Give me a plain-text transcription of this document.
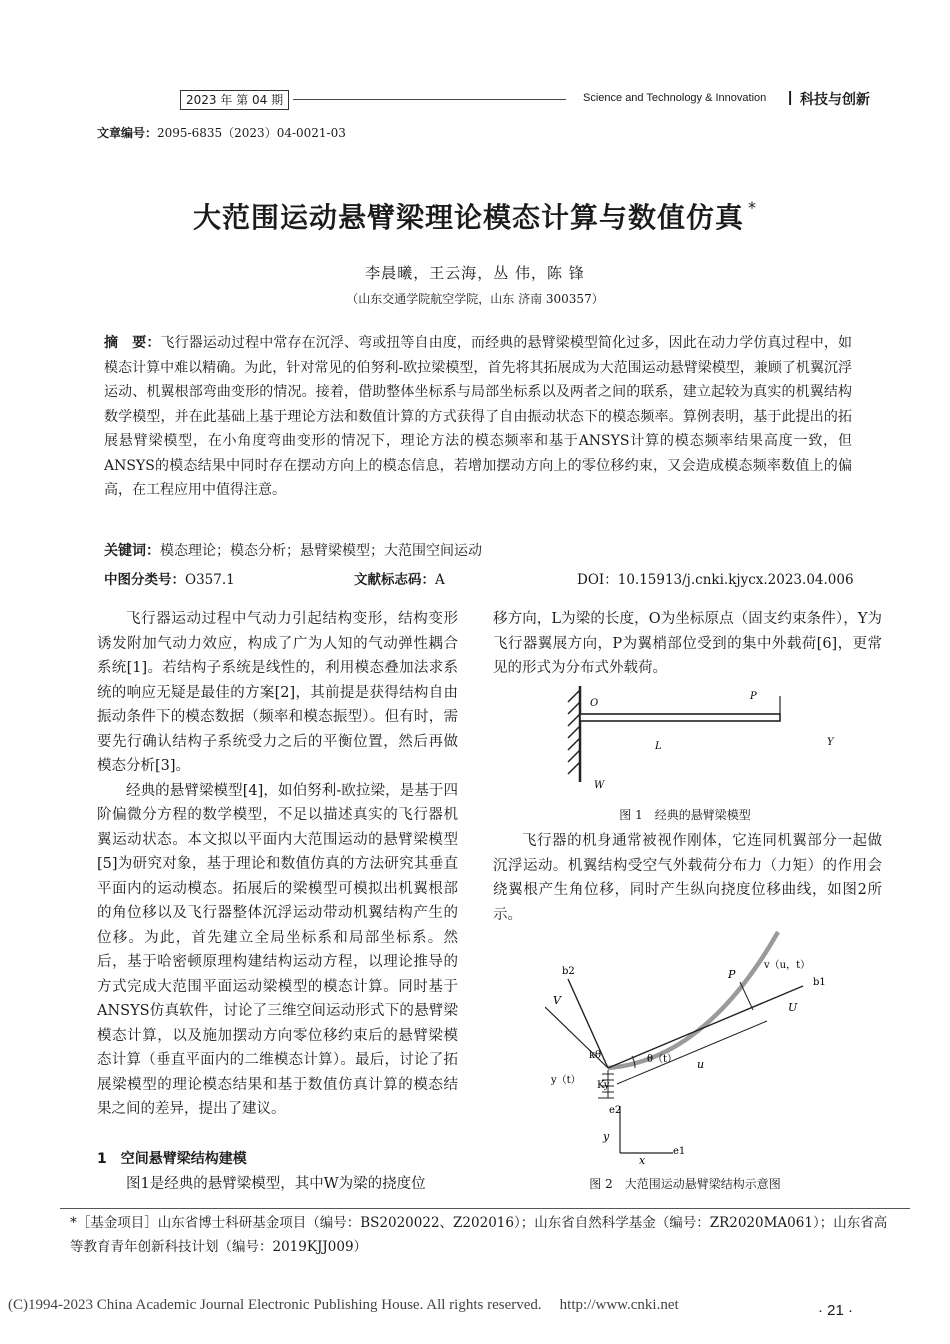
2023 年 第 04 期	Science and Technology & Innovation | 科技与创新
文章编号：2095-6835（2023）04-0021-03
大范围运动悬臂梁理论模态计算与数值仿真 *
李晨曦，王云海，丛 伟，陈 锋
（山东交通学院航空学院，山东 济南 300357）
摘　要：飞行器运动过程中常存在沉浮、弯或扭等自由度，而经典的悬臂梁模型简化过多，因此在动力学仿真过程中，如模态计算中难以精确。为此，针对常见的伯努利-欧拉梁模型，首先将其拓展成为大范围运动悬臂梁模型，兼顾了机翼沉浮运动、机翼根部弯曲变形的情况。接着，借助整体坐标系与局部坐标系以及两者之间的联系，建立起较为真实的机翼结构数学模型，并在此基础上基于理论方法和数值计算的方式获得了自由振动状态下的模态频率。算例表明，基于此提出的拓展悬臂梁模型，在小角度弯曲变形的情况下，理论方法的模态频率和基于ANSYS计算的模态频率结果高度一致，但ANSYS的模态结果中同时存在摆动方向上的模态信息，若增加摆动方向上的零位移约束，又会造成模态频率数值上的偏高，在工程应用中值得注意。
关键词：模态理论；模态分析；悬臂梁模型；大范围空间运动
中图分类号：O357.1	文献标志码：A	DOI：10.15913/j.cnki.kjycx.2023.04.006

飞行器运动过程中气动力引起结构变形，结构变形诱发附加气动力效应，构成了广为人知的气动弹性耦合系统[1]。若结构子系统是线性的，利用模态叠加法求系统的响应无疑是最佳的方案[2]，其前提是获得结构自由振动条件下的模态数据（频率和模态振型）。但有时，需要先行确认结构子系统受力之后的平衡位置，然后再做模态分析[3]。

经典的悬臂梁模型[4]，如伯努利-欧拉梁，是基于四阶偏微分方程的数学模型，不足以描述真实的飞行器机翼运动状态。本文拟以平面内大范围运动的悬臂梁模型[5]为研究对象，基于理论和数值仿真的方法研究其垂直平面内的运动模态。拓展后的梁模型可模拟出机翼根部的角位移以及飞行器整体沉浮运动带动机翼结构产生的位移。为此，首先建立全局坐标系和局部坐标系。然后，基于哈密顿原理构建结构运动方程，以理论推导的方式完成大范围平面运动梁模型的模态计算。同时基于ANSYS仿真软件，讨论了三维空间运动形式下的悬臂梁模态计算，以及施加摆动方向零位移约束后的悬臂梁模态计算（垂直平面内的二维模态计算）。最后，讨论了拓展梁模型的理论模态结果和基于数值仿真计算的模态结果之间的差异，提出了建议。

1　空间悬臂梁结构建模

图1是经典的悬臂梁模型，其中W为梁的挠度位

移方向，L为梁的长度，O为坐标原点（固支约束条件），Y为飞行器翼展方向，P为翼梢部位受到的集中外载荷[6]，更常见的形式为分布式外载荷。

O
P
L	Y
W
图 1　经典的悬臂梁模型

飞行器的机身通常被视作刚体，它连同机翼部分一起做沉浮运动。机翼结构受空气外载荷分布力（力矩）的作用会绕翼根产生角位移，同时产生纵向挠度位移曲线，如图2所示。

b2
b1
V
P
v（u，t）
U
kθ	θ（t） u
y（t） Ky
e2
y
e1
x
图 2　大范围运动悬臂梁结构示意图
*［基金项目］山东省博士科研基金项目（编号：BS2020022、Z202016）；山东省自然科学基金（编号：ZR2020MA061）；山东省高等教育青年创新科技计划（编号：2019KJJ009）
· 21 ·
(C)1994-2023 China Academic Journal Electronic Publishing House. All rights reserved. http://www.cnki.net
